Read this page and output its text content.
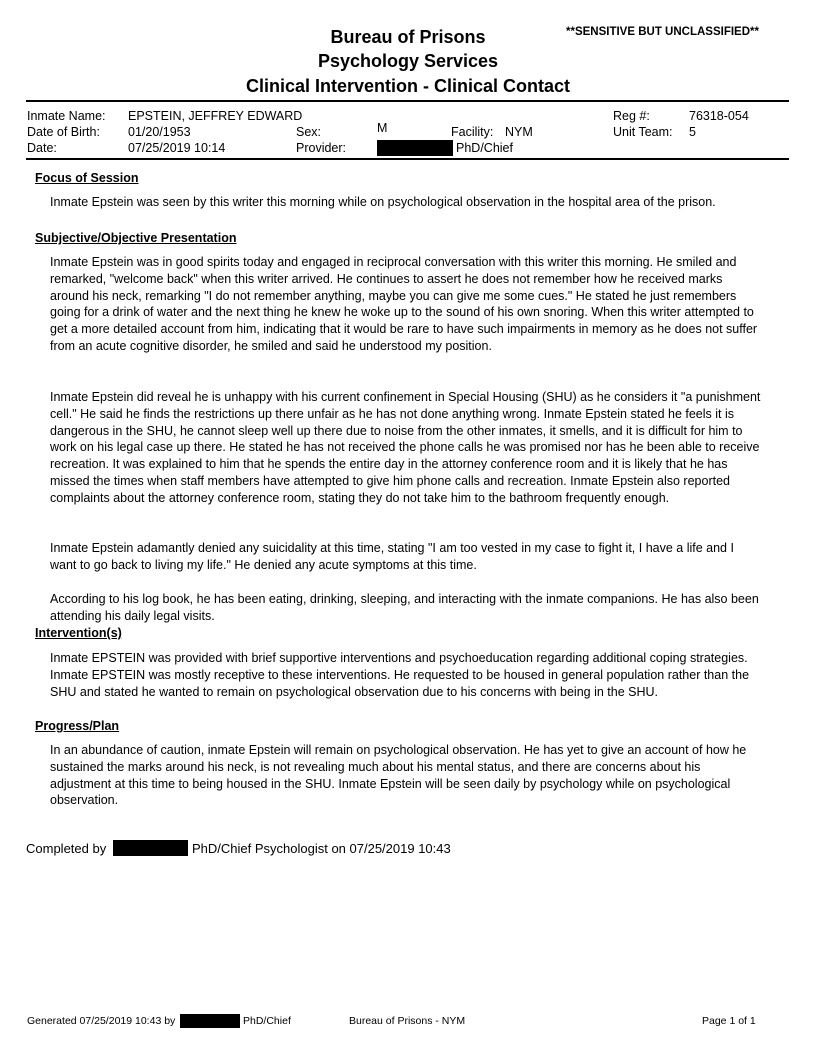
**SENSITIVE BUT UNCLASSIFIED**
Bureau of Prisons
Psychology Services
Clinical Intervention - Clinical Contact
Inmate Name: EPSTEIN, JEFFREY EDWARD	Reg #:	76318-054
Date of Birth: 01/20/1953	Sex:	M	Facility: NYM	Unit Team: 5
Date:	07/25/2019 10:14	Provider:	PhD/Chief
Focus of Session
Inmate Epstein was seen by this writer this morning while on psychological observation in the hospital area of the prison.
Subjective/Objective Presentation
Inmate Epstein was in good spirits today and engaged in reciprocal conversation with this writer this morning. He smiled and remarked, "welcome back" when this writer arrived. He continues to assert he does not remember how he received marks around his neck, remarking "I do not remember anything, maybe you can give me some cues." He stated he just remembers going for a drink of water and the next thing he knew he woke up to the sound of his own snoring. When this writer attempted to get a more detailed account from him, indicating that it would be rare to have such impairments in memory as he does not suffer from an acute cognitive disorder, he smiled and said he understood my position.
Inmate Epstein did reveal he is unhappy with his current confinement in Special Housing (SHU) as he considers it "a punishment cell." He said he finds the restrictions up there unfair as he has not done anything wrong. Inmate Epstein stated he feels it is dangerous in the SHU, he cannot sleep well up there due to noise from the other inmates, it smells, and it is difficult for him to work on his legal case up there. He stated he has not received the phone calls he was promised nor has he been able to receive recreation. It was explained to him that he spends the entire day in the attorney conference room and it is likely that he has missed the times when staff members have attempted to give him phone calls and recreation. Inmate Epstein also reported complaints about the attorney conference room, stating they do not take him to the bathroom frequently enough.
Inmate Epstein adamantly denied any suicidality at this time, stating "I am too vested in my case to fight it, I have a life and I want to go back to living my life." He denied any acute symptoms at this time.
According to his log book, he has been eating, drinking, sleeping, and interacting with the inmate companions. He has also been attending his daily legal visits.
Intervention(s)
Inmate EPSTEIN was provided with brief supportive interventions and psychoeducation regarding additional coping strategies. Inmate EPSTEIN was mostly receptive to these interventions. He requested to be housed in general population rather than the SHU and stated he wanted to remain on psychological observation due to his concerns with being in the SHU.
Progress/Plan
In an abundance of caution, inmate Epstein will remain on psychological observation. He has yet to give an account of how he sustained the marks around his neck, is not revealing much about his mental status, and there are concerns about his adjustment at this time to being housed in the SHU. Inmate Epstein will be seen daily by psychology while on psychological observation.
Completed by	PhD/Chief Psychologist on 07/25/2019 10:43
Generated 07/25/2019 10:43 by	PhD/Chief	Bureau of Prisons - NYM	Page 1 of 1
